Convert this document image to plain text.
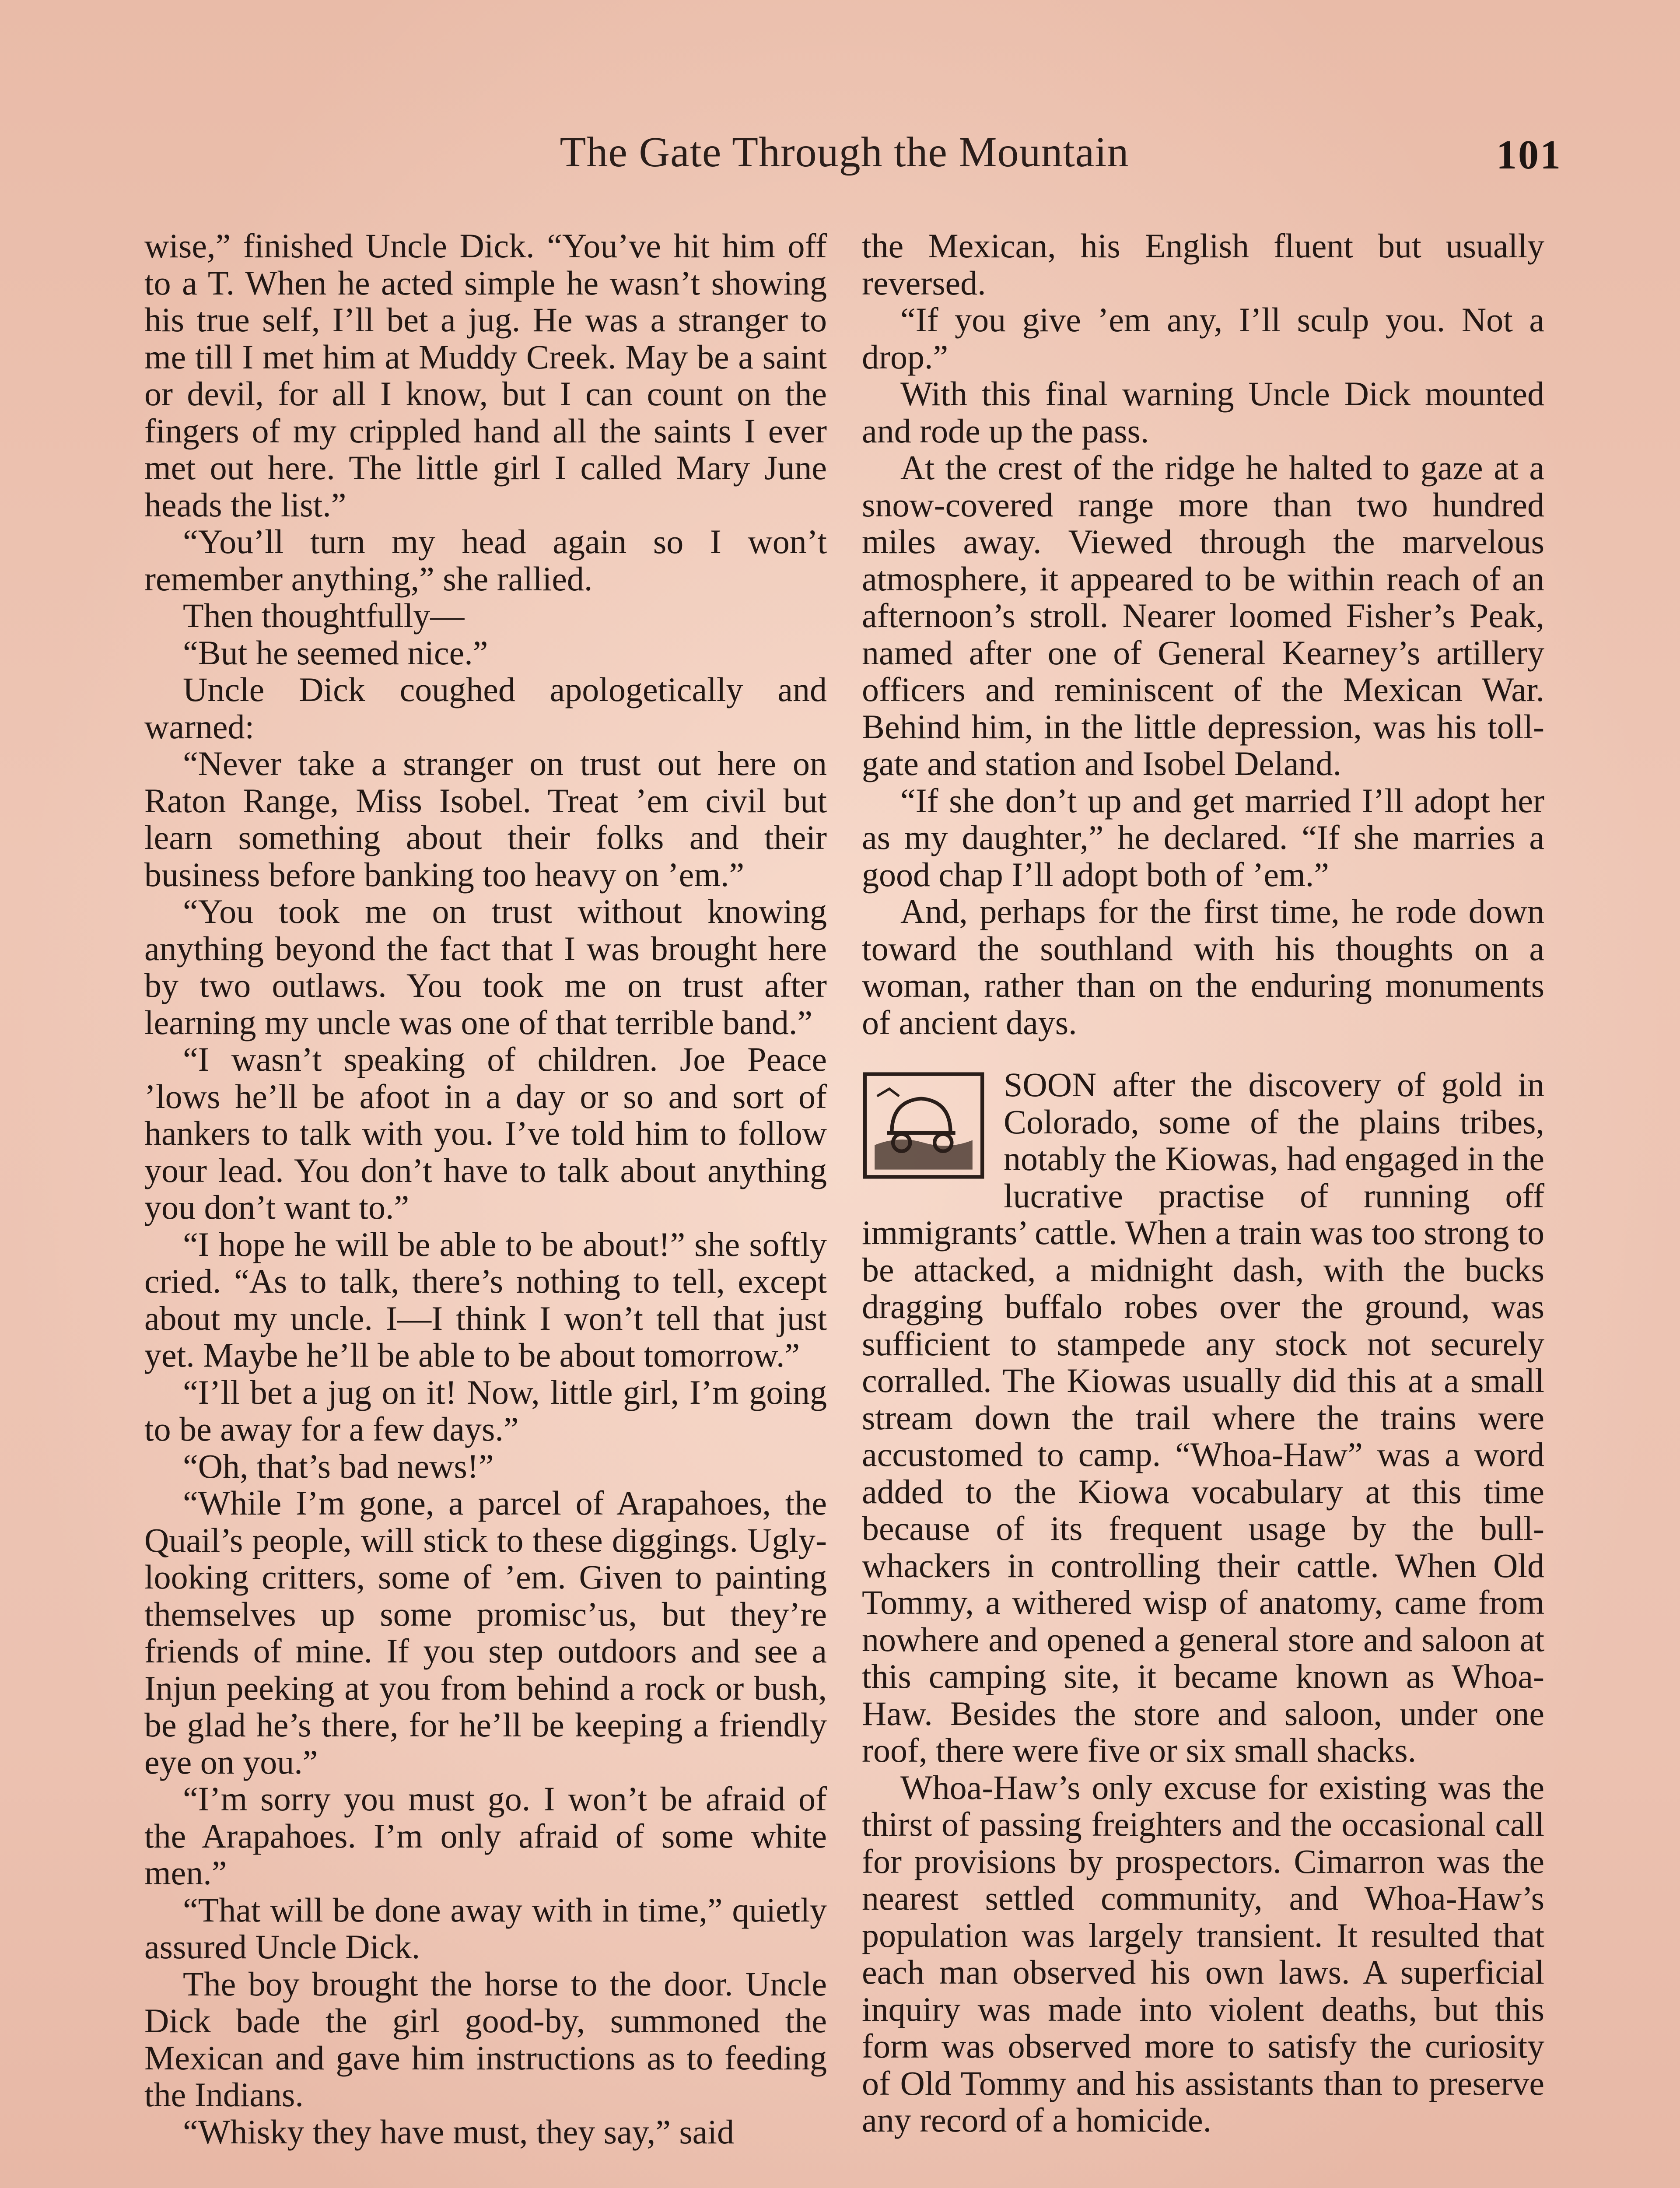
The Gate Through the Mountain	101

wise,” finished Uncle Dick. “You’ve hit him off to a T. When he acted simple he wasn’t showing his true self, I’ll bet a jug. He was a stranger to me till I met him at Muddy Creek. May be a saint or devil, for all I know, but I can count on the fingers of my crippled hand all the saints I ever met out here. The little girl I called Mary June heads the list.”

“You’ll turn my head again so I won’t remember anything,” she rallied.

Then thoughtfully—

“But he seemed nice.”

Uncle Dick coughed apologetically and warned:

“Never take a stranger on trust out here on Raton Range, Miss Isobel. Treat ’em civil but learn something about their folks and their business before banking too heavy on ’em.”

“You took me on trust without knowing anything beyond the fact that I was brought here by two outlaws. You took me on trust after learning my uncle was one of that terrible band.”

“I wasn’t speaking of children. Joe Peace ’lows he’ll be afoot in a day or so and sort of hankers to talk with you. I’ve told him to follow your lead. You don’t have to talk about anything you don’t want to.”

“I hope he will be able to be about!” she softly cried. “As to talk, there’s nothing to tell, except about my uncle. I—I think I won’t tell that just yet. Maybe he’ll be able to be about tomorrow.”

“I’ll bet a jug on it! Now, little girl, I’m going to be away for a few days.”

“Oh, that’s bad news!”

“While I’m gone, a parcel of Arapahoes, the Quail’s people, will stick to these diggings. Ugly-looking critters, some of ’em. Given to painting themselves up some promisc’us, but they’re friends of mine. If you step outdoors and see a Injun peeking at you from behind a rock or bush, be glad he’s there, for he’ll be keeping a friendly eye on you.”

“I’m sorry you must go. I won’t be afraid of the Arapahoes. I’m only afraid of some white men.”

“That will be done away with in time,” quietly assured Uncle Dick.

The boy brought the horse to the door. Uncle Dick bade the girl good-by, summoned the Mexican and gave him instructions as to feeding the Indians.

“Whisky they have must, they say,” said

the Mexican, his English fluent but usually reversed.

“If you give ’em any, I’ll sculp you. Not a drop.”

With this final warning Uncle Dick mounted and rode up the pass.

At the crest of the ridge he halted to gaze at a snow-covered range more than two hundred miles away. Viewed through the marvelous atmosphere, it appeared to be within reach of an afternoon’s stroll. Nearer loomed Fisher’s Peak, named after one of General Kearney’s artillery officers and reminiscent of the Mexican War. Behind him, in the little depression, was his toll-gate and station and Isobel Deland.

“If she don’t up and get married I’ll adopt her as my daughter,” he declared. “If she marries a good chap I’ll adopt both of ’em.”

And, perhaps for the first time, he rode down toward the southland with his thoughts on a woman, rather than on the enduring monuments of ancient days.

SOON after the discovery of gold in Colorado, some of the plains tribes, notably the Kiowas, had engaged in the lucrative practise of running off immigrants’ cattle. When a train was too strong to be attacked, a midnight dash, with the bucks dragging buffalo robes over the ground, was sufficient to stampede any stock not securely corralled. The Kiowas usually did this at a small stream down the trail where the trains were accustomed to camp. “Whoa-Haw” was a word added to the Kiowa vocabulary at this time because of its frequent usage by the bull-whackers in controlling their cattle. When Old Tommy, a withered wisp of anatomy, came from nowhere and opened a general store and saloon at this camping site, it became known as Whoa-Haw. Besides the store and saloon, under one roof, there were five or six small shacks.

Whoa-Haw’s only excuse for existing was the thirst of passing freighters and the occasional call for provisions by prospectors. Cimarron was the nearest settled community, and Whoa-Haw’s population was largely transient. It resulted that each man observed his own laws. A superficial inquiry was made into violent deaths, but this form was observed more to satisfy the curiosity of Old Tommy and his assistants than to preserve any record of a homicide.
